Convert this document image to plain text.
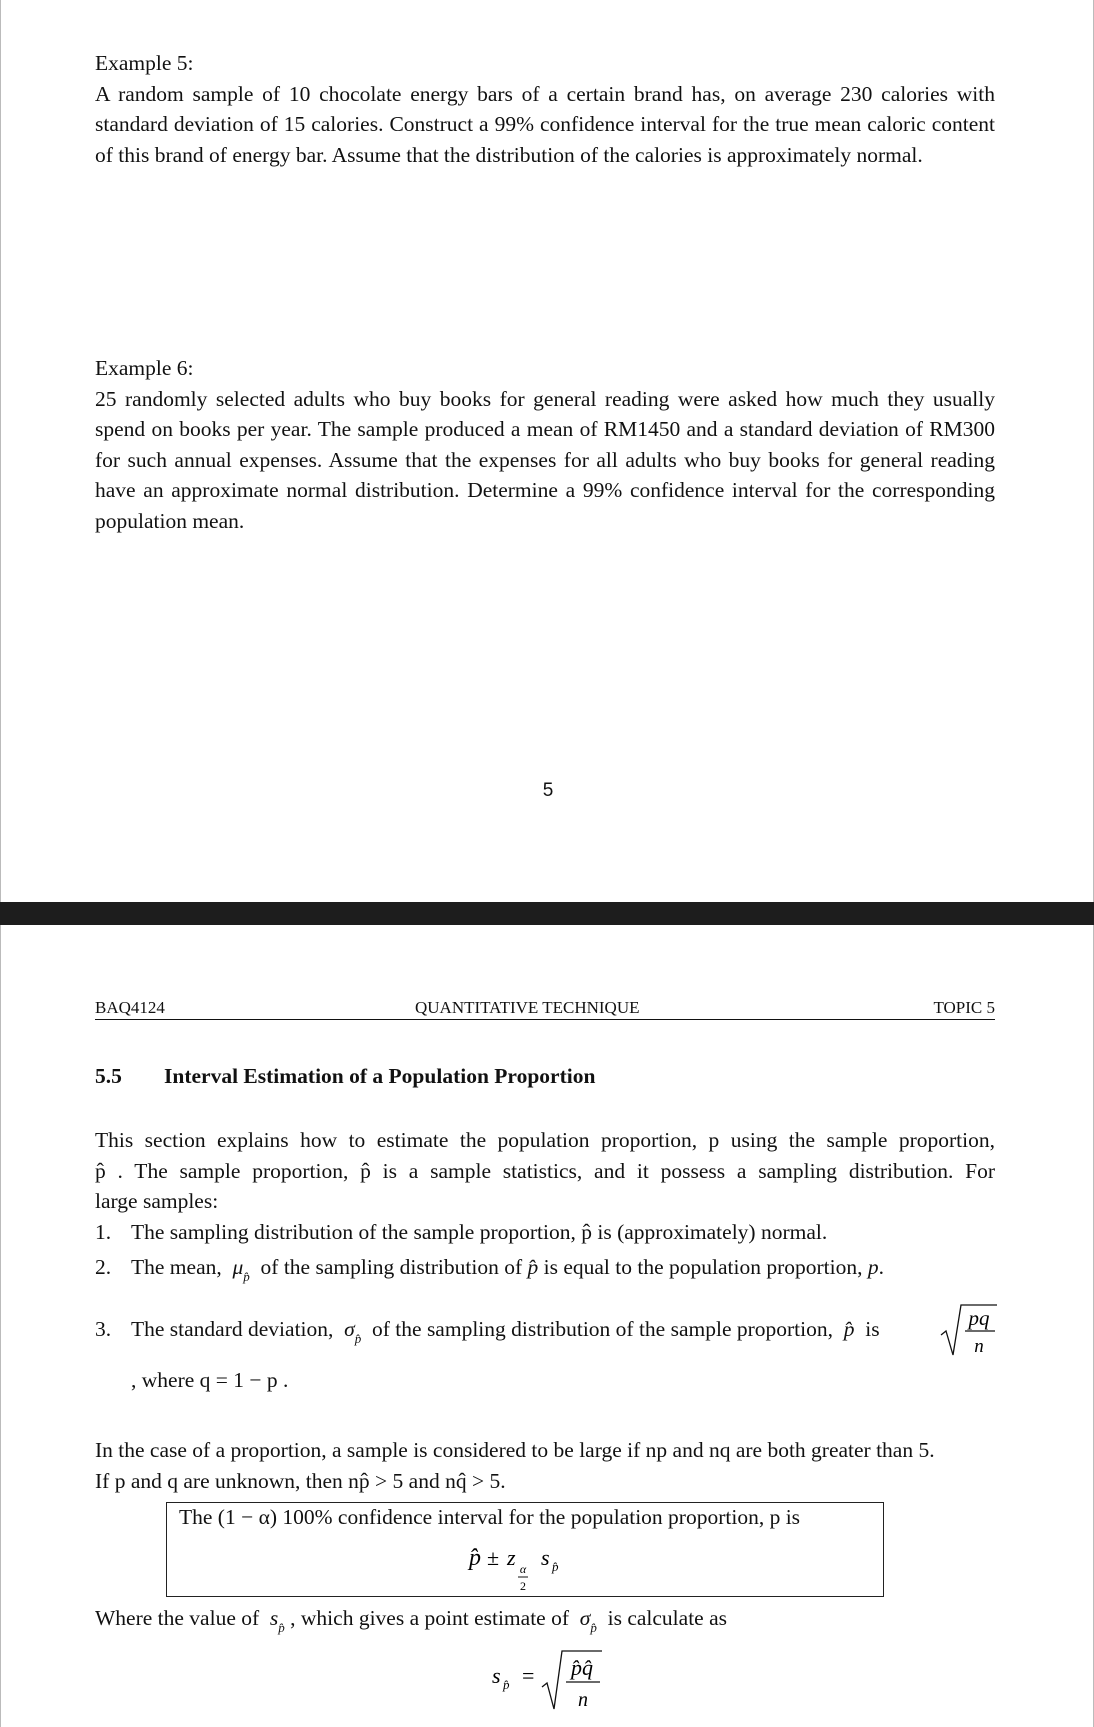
Example 5:

A random sample of 10 chocolate energy bars of a certain brand has, on average 230 calories with standard deviation of 15 calories. Construct a 99% confidence interval for the true mean caloric content of this brand of energy bar. Assume that the distribution of the calories is approximately normal.

Example 6:

25 randomly selected adults who buy books for general reading were asked how much they usually spend on books per year. The sample produced a mean of RM1450 and a standard deviation of RM300 for such annual expenses. Assume that the expenses for all adults who buy books for general reading have an approximate normal distribution. Determine a 99% confidence interval for the corresponding population mean.

5
BAQ4124	QUANTITATIVE TECHNIQUE	TOPIC 5
5.5 Interval Estimation of a Population Proportion

This section explains how to estimate the population proportion, p using the sample proportion,

p̂ . The sample proportion, p̂ is a sample statistics, and it possess a sampling distribution. For

large samples:

1. The sampling distribution of the sample proportion, p̂ is (approximately) normal.
2. The mean, $\mu_{p̂}$ of the sampling distribution of p̂ is equal to the population proportion, p.
3. The standard deviation, $\sigma_{p̂}$ of the sampling distribution of the sample proportion, p̂ is	pq
n
, where q = 1 − p .

In the case of a proportion, a sample is considered to be large if np and nq are both greater than 5.

If p and q are unknown, then np̂ > 5 and nq̂ > 5.

The (1 − α) 100% confidence interval for the population proportion, p is
p̂ ± z α
2
s p̂
Where the value of $s_{p̂}$ , which gives a point estimate of $\sigma_{p̂}$ is calculate as
s p̂ = p̂q̂
n
